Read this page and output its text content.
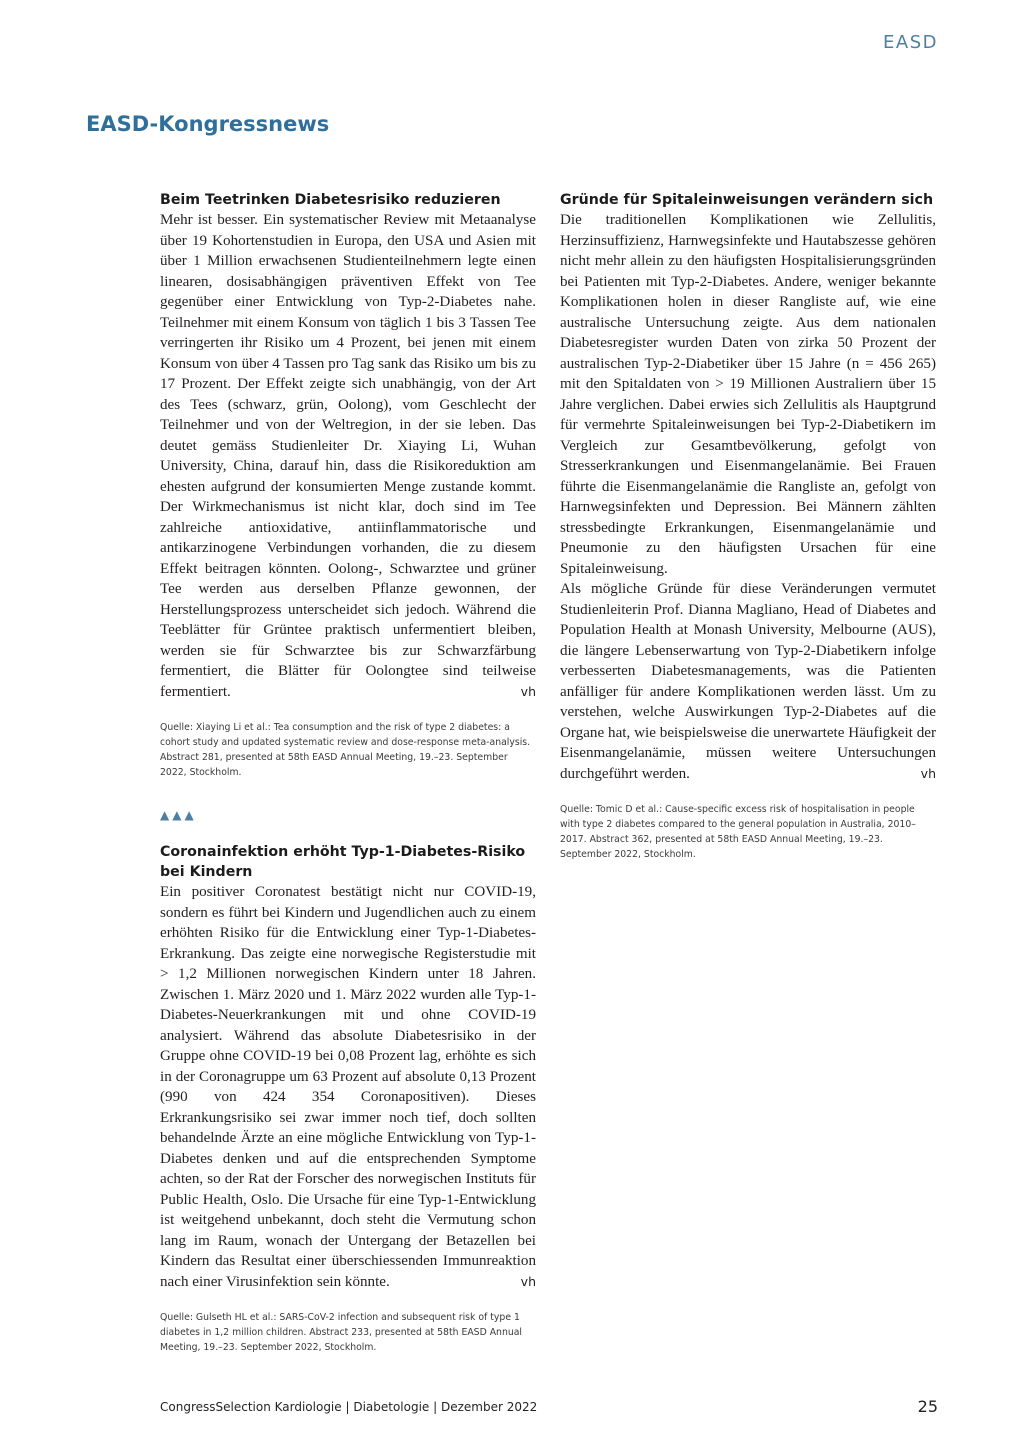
EASD
EASD-Kongressnews
Beim Teetrinken Diabetesrisiko reduzieren

Mehr ist besser. Ein systematischer Review mit Metaanalyse über 19 Kohortenstudien in Europa, den USA und Asien mit über 1 Million erwachsenen Studienteilnehmern legte einen linearen, dosisabhängigen präventiven Effekt von Tee gegenüber einer Entwicklung von Typ-2-Diabetes nahe. Teilnehmer mit einem Konsum von täglich 1 bis 3 Tassen Tee verringerten ihr Risiko um 4 Prozent, bei jenen mit einem Konsum von über 4 Tassen pro Tag sank das Risiko um bis zu 17 Prozent. Der Effekt zeigte sich unabhängig, von der Art des Tees (schwarz, grün, Oolong), vom Geschlecht der Teilnehmer und von der Weltregion, in der sie leben. Das deutet gemäss Studienleiter Dr. Xiaying Li, Wuhan University, China, darauf hin, dass die Risikoreduktion am ehesten aufgrund der konsumierten Menge zustande kommt. Der Wirkmechanismus ist nicht klar, doch sind im Tee zahlreiche antioxidative, antiinflammatorische und antikarzinogene Verbindungen vorhanden, die zu diesem Effekt beitragen könnten. Oolong-, Schwarztee und grüner Tee werden aus derselben Pflanze gewonnen, der Herstellungsprozess unterscheidet sich jedoch. Während die Teeblätter für Grüntee praktisch unfermentiert bleiben, werden sie für Schwarztee bis zur Schwarzfärbung fermentiert, die Blätter für Oolongtee sind teilweise fermentiert.	vh

Quelle: Xiaying Li et al.: Tea consumption and the risk of type 2 diabetes: a cohort study and updated systematic review and dose-response meta-analysis. Abstract 281, presented at 58th EASD Annual Meeting, 19.–23. September 2022, Stockholm.

▲▲▲
Coronainfektion erhöht Typ-1-Diabetes-Risiko bei Kindern

Ein positiver Coronatest bestätigt nicht nur COVID-19, sondern es führt bei Kindern und Jugendlichen auch zu einem erhöhten Risiko für die Entwicklung einer Typ-1-Diabetes-Erkrankung. Das zeigte eine norwegische Registerstudie mit > 1,2 Millionen norwegischen Kindern unter 18 Jahren. Zwischen 1. März 2020 und 1. März 2022 wurden alle Typ-1-Diabetes-Neuerkrankungen mit und ohne COVID-19 analysiert. Während das absolute Diabetesrisiko in der Gruppe ohne COVID-19 bei 0,08 Prozent lag, erhöhte es sich in der Coronagruppe um 63 Prozent auf absolute 0,13 Prozent (990 von 424 354 Coronapositiven). Dieses Erkrankungsrisiko sei zwar immer noch tief, doch sollten behandelnde Ärzte an eine mögliche Entwicklung von Typ-1-Diabetes denken und auf die entsprechenden Symptome achten, so der Rat der Forscher des norwegischen Instituts für Public Health, Oslo. Die Ursache für eine Typ-1-Entwicklung ist weitgehend unbekannt, doch steht die Vermutung schon lang im Raum, wonach der Untergang der Betazellen bei Kindern das Resultat einer überschiessenden Immunreaktion nach einer Virusinfektion sein könnte.	vh

Quelle: Gulseth HL et al.: SARS-CoV-2 infection and subsequent risk of type 1 diabetes in 1,2 million children. Abstract 233, presented at 58th EASD Annual Meeting, 19.–23. September 2022, Stockholm.

Gründe für Spitaleinweisungen verändern sich

Die traditionellen Komplikationen wie Zellulitis, Herzinsuffizienz, Harnwegsinfekte und Hautabszesse gehören nicht mehr allein zu den häufigsten Hospitalisierungsgründen bei Patienten mit Typ-2-Diabetes. Andere, weniger bekannte Komplikationen holen in dieser Rangliste auf, wie eine australische Untersuchung zeigte. Aus dem nationalen Diabetesregister wurden Daten von zirka 50 Prozent der australischen Typ-2-Diabetiker über 15 Jahre (n = 456 265) mit den Spitaldaten von > 19 Millionen Australiern über 15 Jahre verglichen. Dabei erwies sich Zellulitis als Hauptgrund für vermehrte Spitaleinweisungen bei Typ-2-Diabetikern im Vergleich zur Gesamtbevölkerung, gefolgt von Stresserkrankungen und Eisenmangelanämie. Bei Frauen führte die Eisenmangelanämie die Rangliste an, gefolgt von Harnwegsinfekten und Depression. Bei Männern zählten stressbedingte Erkrankungen, Eisenmangelanämie und Pneumonie zu den häufigsten Ursachen für eine Spitaleinweisung.

Als mögliche Gründe für diese Veränderungen vermutet Studienleiterin Prof. Dianna Magliano, Head of Diabetes and Population Health at Monash University, Melbourne (AUS), die längere Lebenserwartung von Typ-2-Diabetikern infolge verbesserten Diabetesmanagements, was die Patienten anfälliger für andere Komplikationen werden lässt. Um zu verstehen, welche Auswirkungen Typ-2-Diabetes auf die Organe hat, wie beispielsweise die unerwartete Häufigkeit der Eisenmangelanämie, müssen weitere Untersuchungen durchgeführt werden.	vh

Quelle: Tomic D et al.: Cause-specific excess risk of hospitalisation in people with type 2 diabetes compared to the general population in Australia, 2010–2017. Abstract 362, presented at 58th EASD Annual Meeting, 19.–23. September 2022, Stockholm.

CongressSelection Kardiologie | Diabetologie | Dezember 2022	25
